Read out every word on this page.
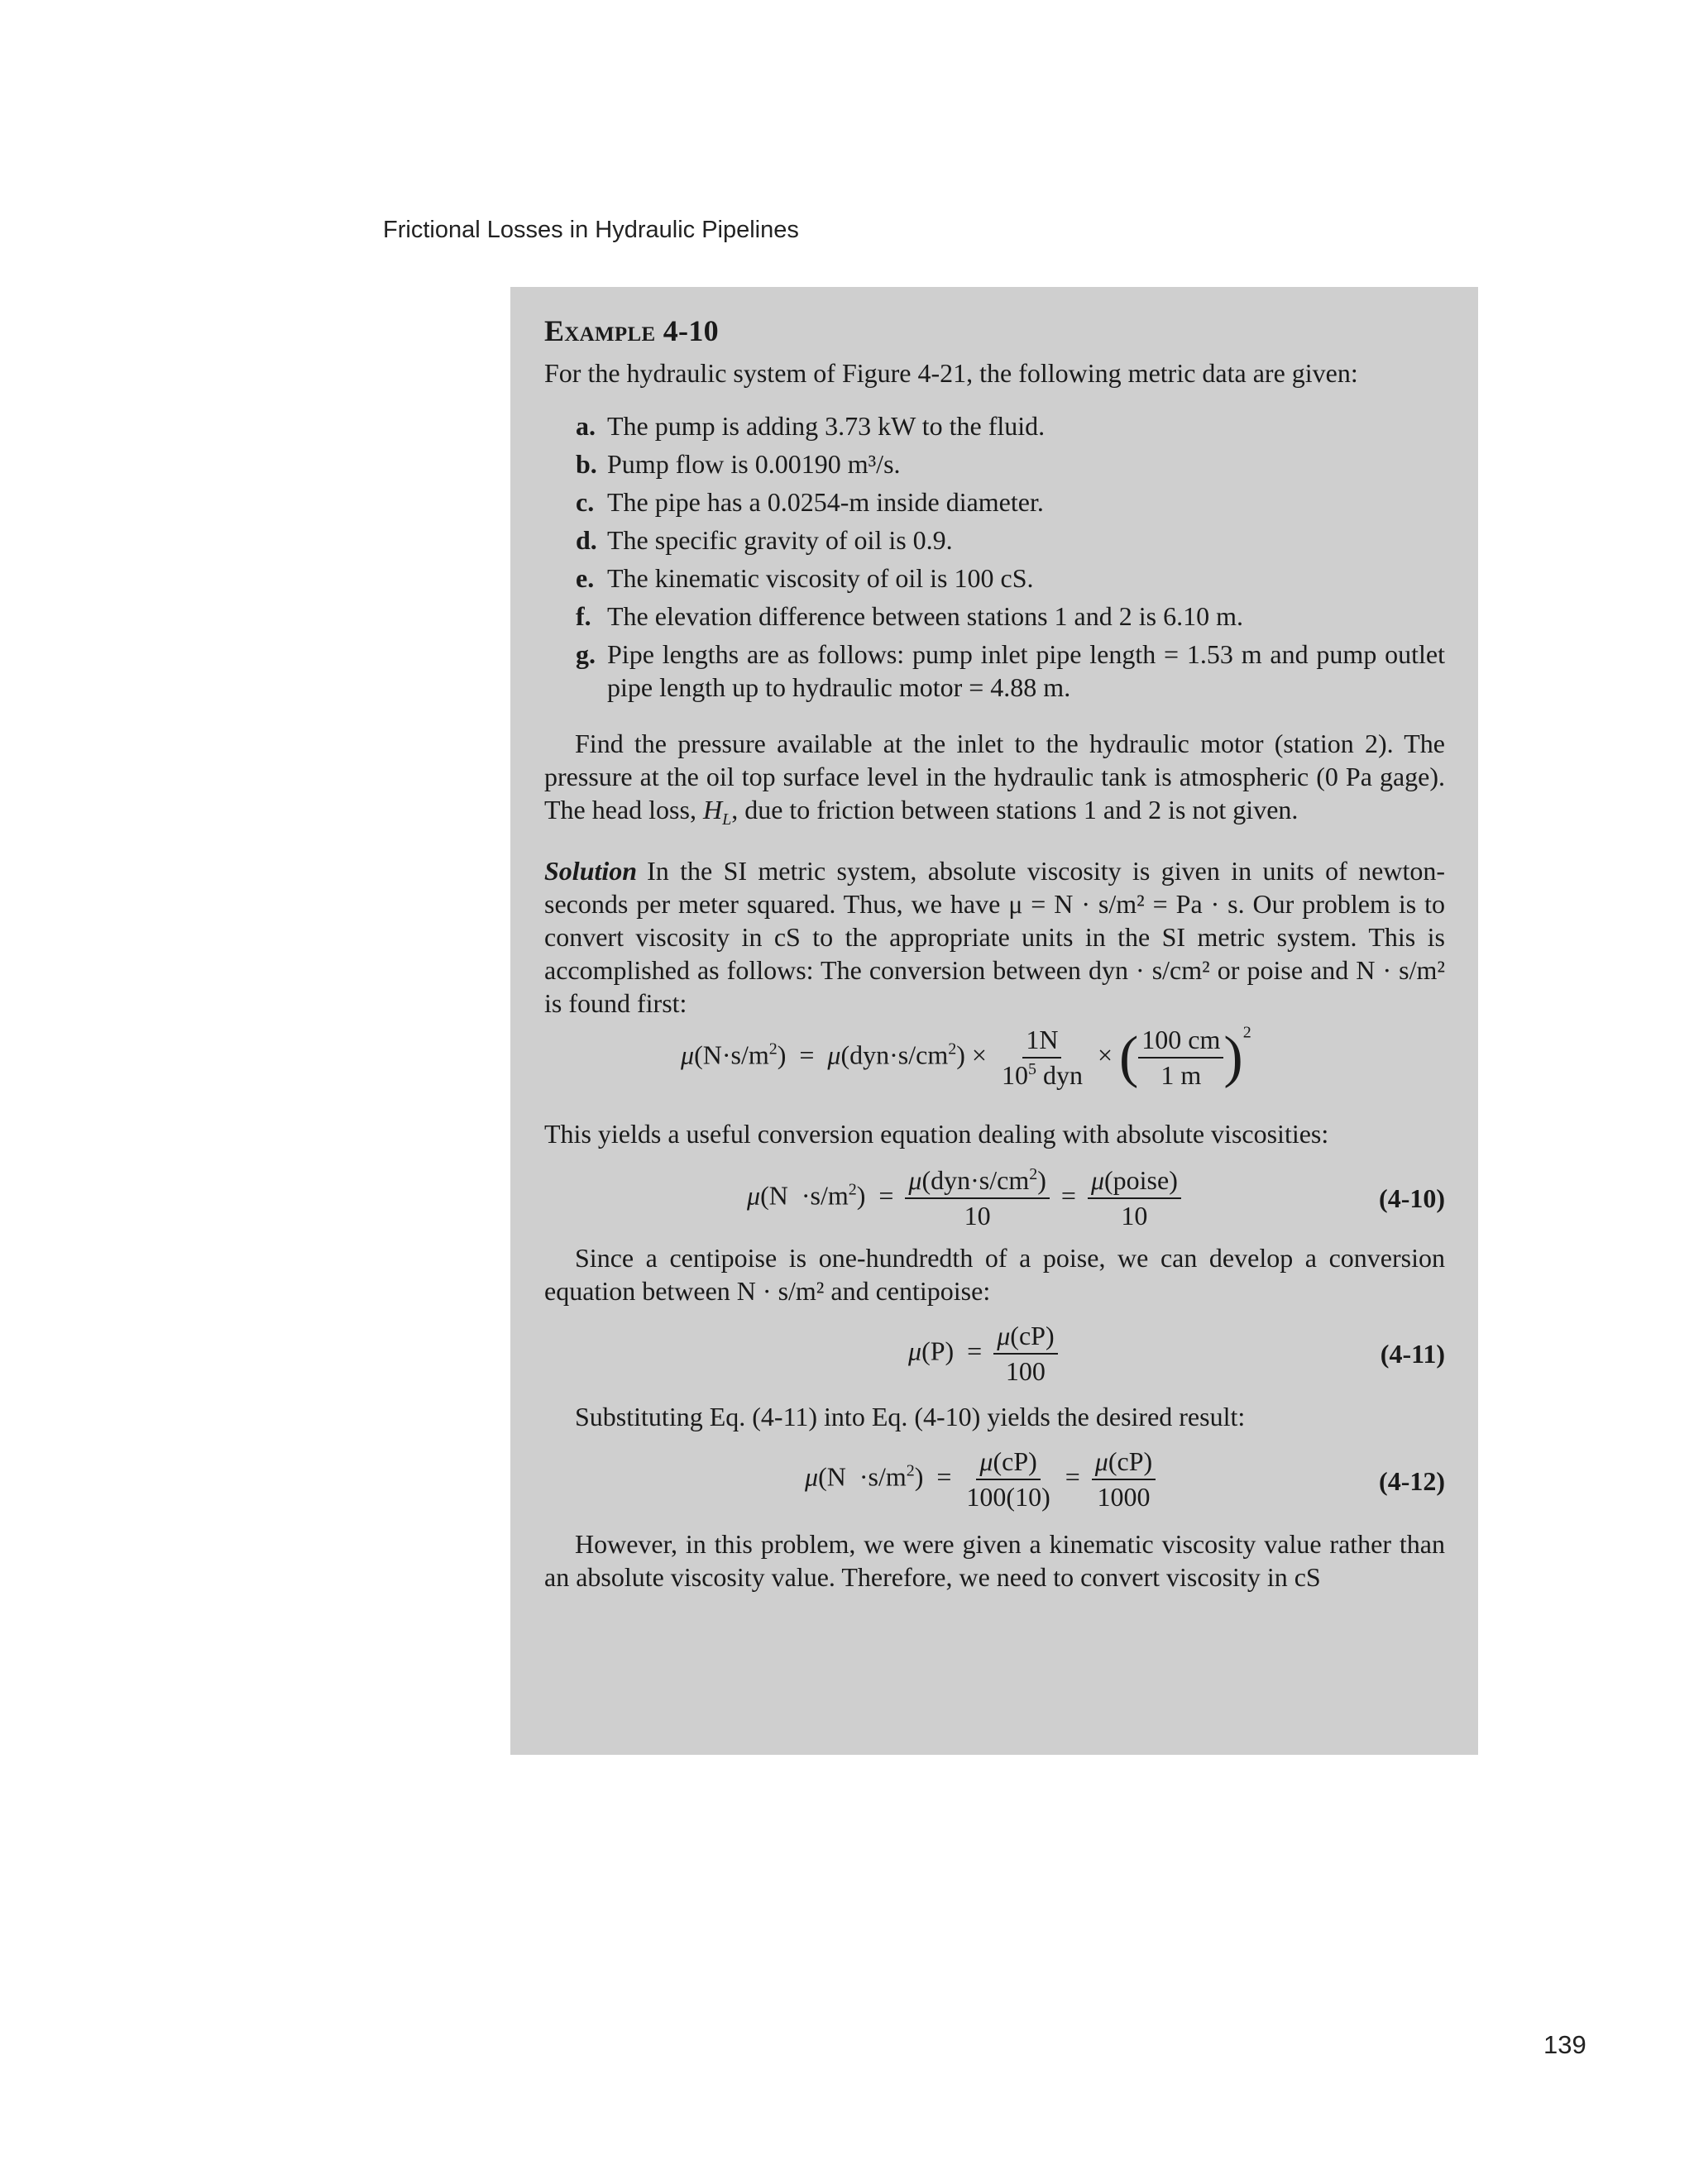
Frictional Losses in Hydraulic Pipelines
Example 4-10

For the hydraulic system of Figure 4-21, the following metric data are given:

a. The pump is adding 3.73 kW to the fluid.
b. Pump flow is 0.00190 m³/s.
c. The pipe has a 0.0254-m inside diameter.
d. The specific gravity of oil is 0.9.
e. The kinematic viscosity of oil is 100 cS.
f. The elevation difference between stations 1 and 2 is 6.10 m.
g. Pipe lengths are as follows: pump inlet pipe length = 1.53 m and pump outlet pipe length up to hydraulic motor = 4.88 m.

Find the pressure available at the inlet to the hydraulic motor (station 2). The pressure at the oil top surface level in the hydraulic tank is atmospheric (0 Pa gage). The head loss, $H_L$, due to friction between stations 1 and 2 is not given.

Solution In the SI metric system, absolute viscosity is given in units of newton-seconds per meter squared. Thus, we have μ = N · s/m² = Pa · s. Our problem is to convert viscosity in cS to the appropriate units in the SI metric system. This is accomplished as follows: The conversion between dyn · s/cm² or poise and N · s/m² is found first:

$\mu(N\cdot s/m^2) = \mu(dyn\cdot s/cm^2) \times \frac{1N}{10^5 dyn}$ × ( $\frac{100 cm}{1 m} )^2$

This yields a useful conversion equation dealing with absolute viscosities:

$\mu(N \cdot s/m^2) = \frac{\mu(dyn\cdot s/cm^2)}{10} = \frac{\text{μ(poise)}}{10}$	(4-10)

Since a centipoise is one-hundredth of a poise, we can develop a conversion equation between N · s/m² and centipoise:

$\mu(P) = \frac{\mu(cP)}{100}$	(4-11)

Substituting Eq. (4-11) into Eq. (4-10) yields the desired result:

$\mu(N \cdot s/m^2) = \frac{\mu(cP)}{100(10)} = \frac{\mu(cP)}{1000}$	(4-12)

However, in this problem, we were given a kinematic viscosity value rather than an absolute viscosity value. Therefore, we need to convert viscosity in cS

139
